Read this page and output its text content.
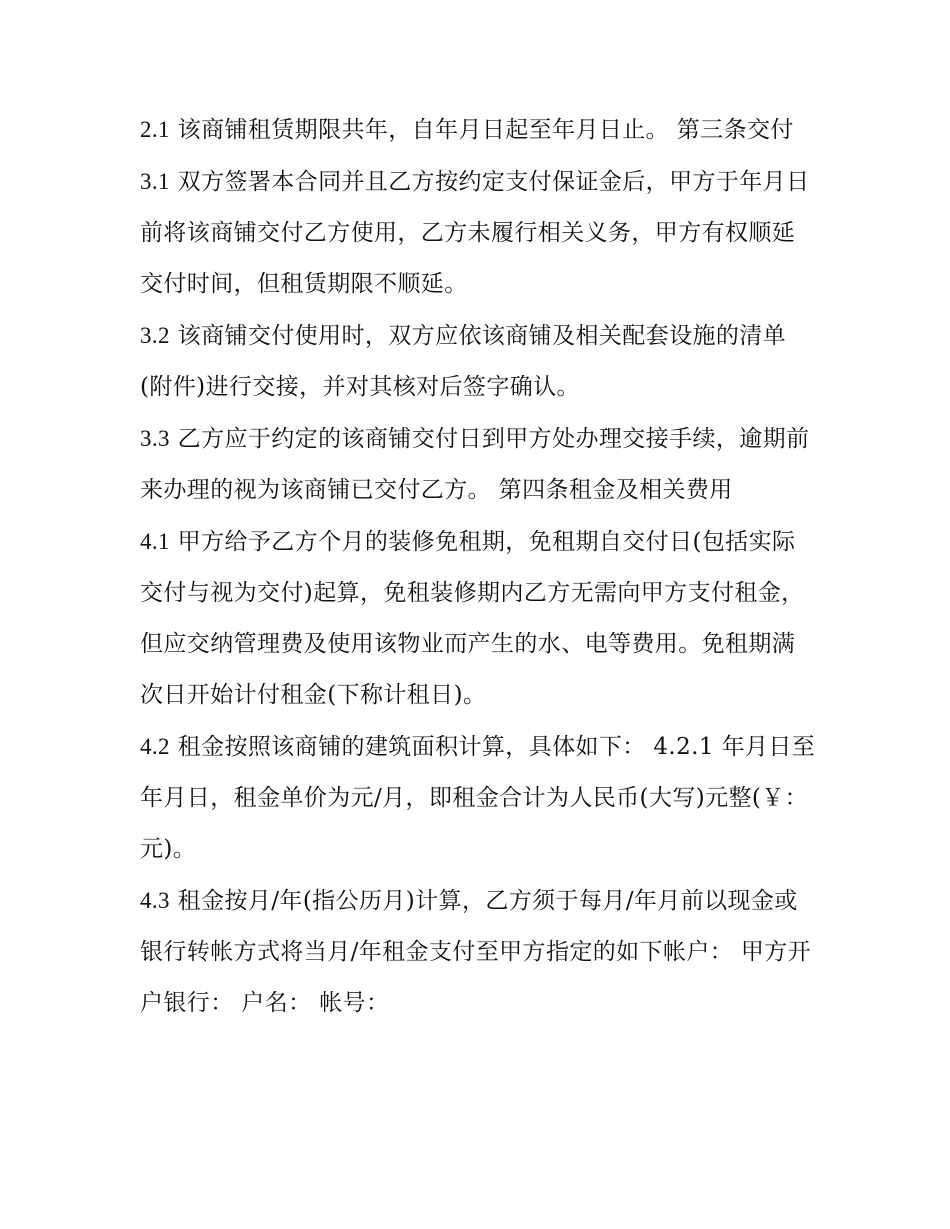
2.1 该商铺租赁期限共年，自年月日起至年月日止。 第三条交付

3.1 双方签署本合同并且乙方按约定支付保证金后，甲方于年月日前将该商铺交付乙方使用，乙方未履行相关义务，甲方有权顺延交付时间，但租赁期限不顺延。

3.2 该商铺交付使用时，双方应依该商铺及相关配套设施的清单(附件)进行交接，并对其核对后签字确认。

3.3 乙方应于约定的该商铺交付日到甲方处办理交接手续，逾期前来办理的视为该商铺已交付乙方。 第四条租金及相关费用

4.1 甲方给予乙方个月的装修免租期，免租期自交付日(包括实际交付与视为交付)起算，免租装修期内乙方无需向甲方支付租金，但应交纳管理费及使用该物业而产生的水、电等费用。免租期满次日开始计付租金(下称计租日)。

4.2 租金按照该商铺的建筑面积计算，具体如下： 4.2.1 年月日至年月日，租金单价为元/月，即租金合计为人民币(大写)元整(￥：元)。

4.3 租金按月/年(指公历月)计算，乙方须于每月/年月前以现金或银行转帐方式将当月/年租金支付至甲方指定的如下帐户： 甲方开户银行： 户名： 帐号：
